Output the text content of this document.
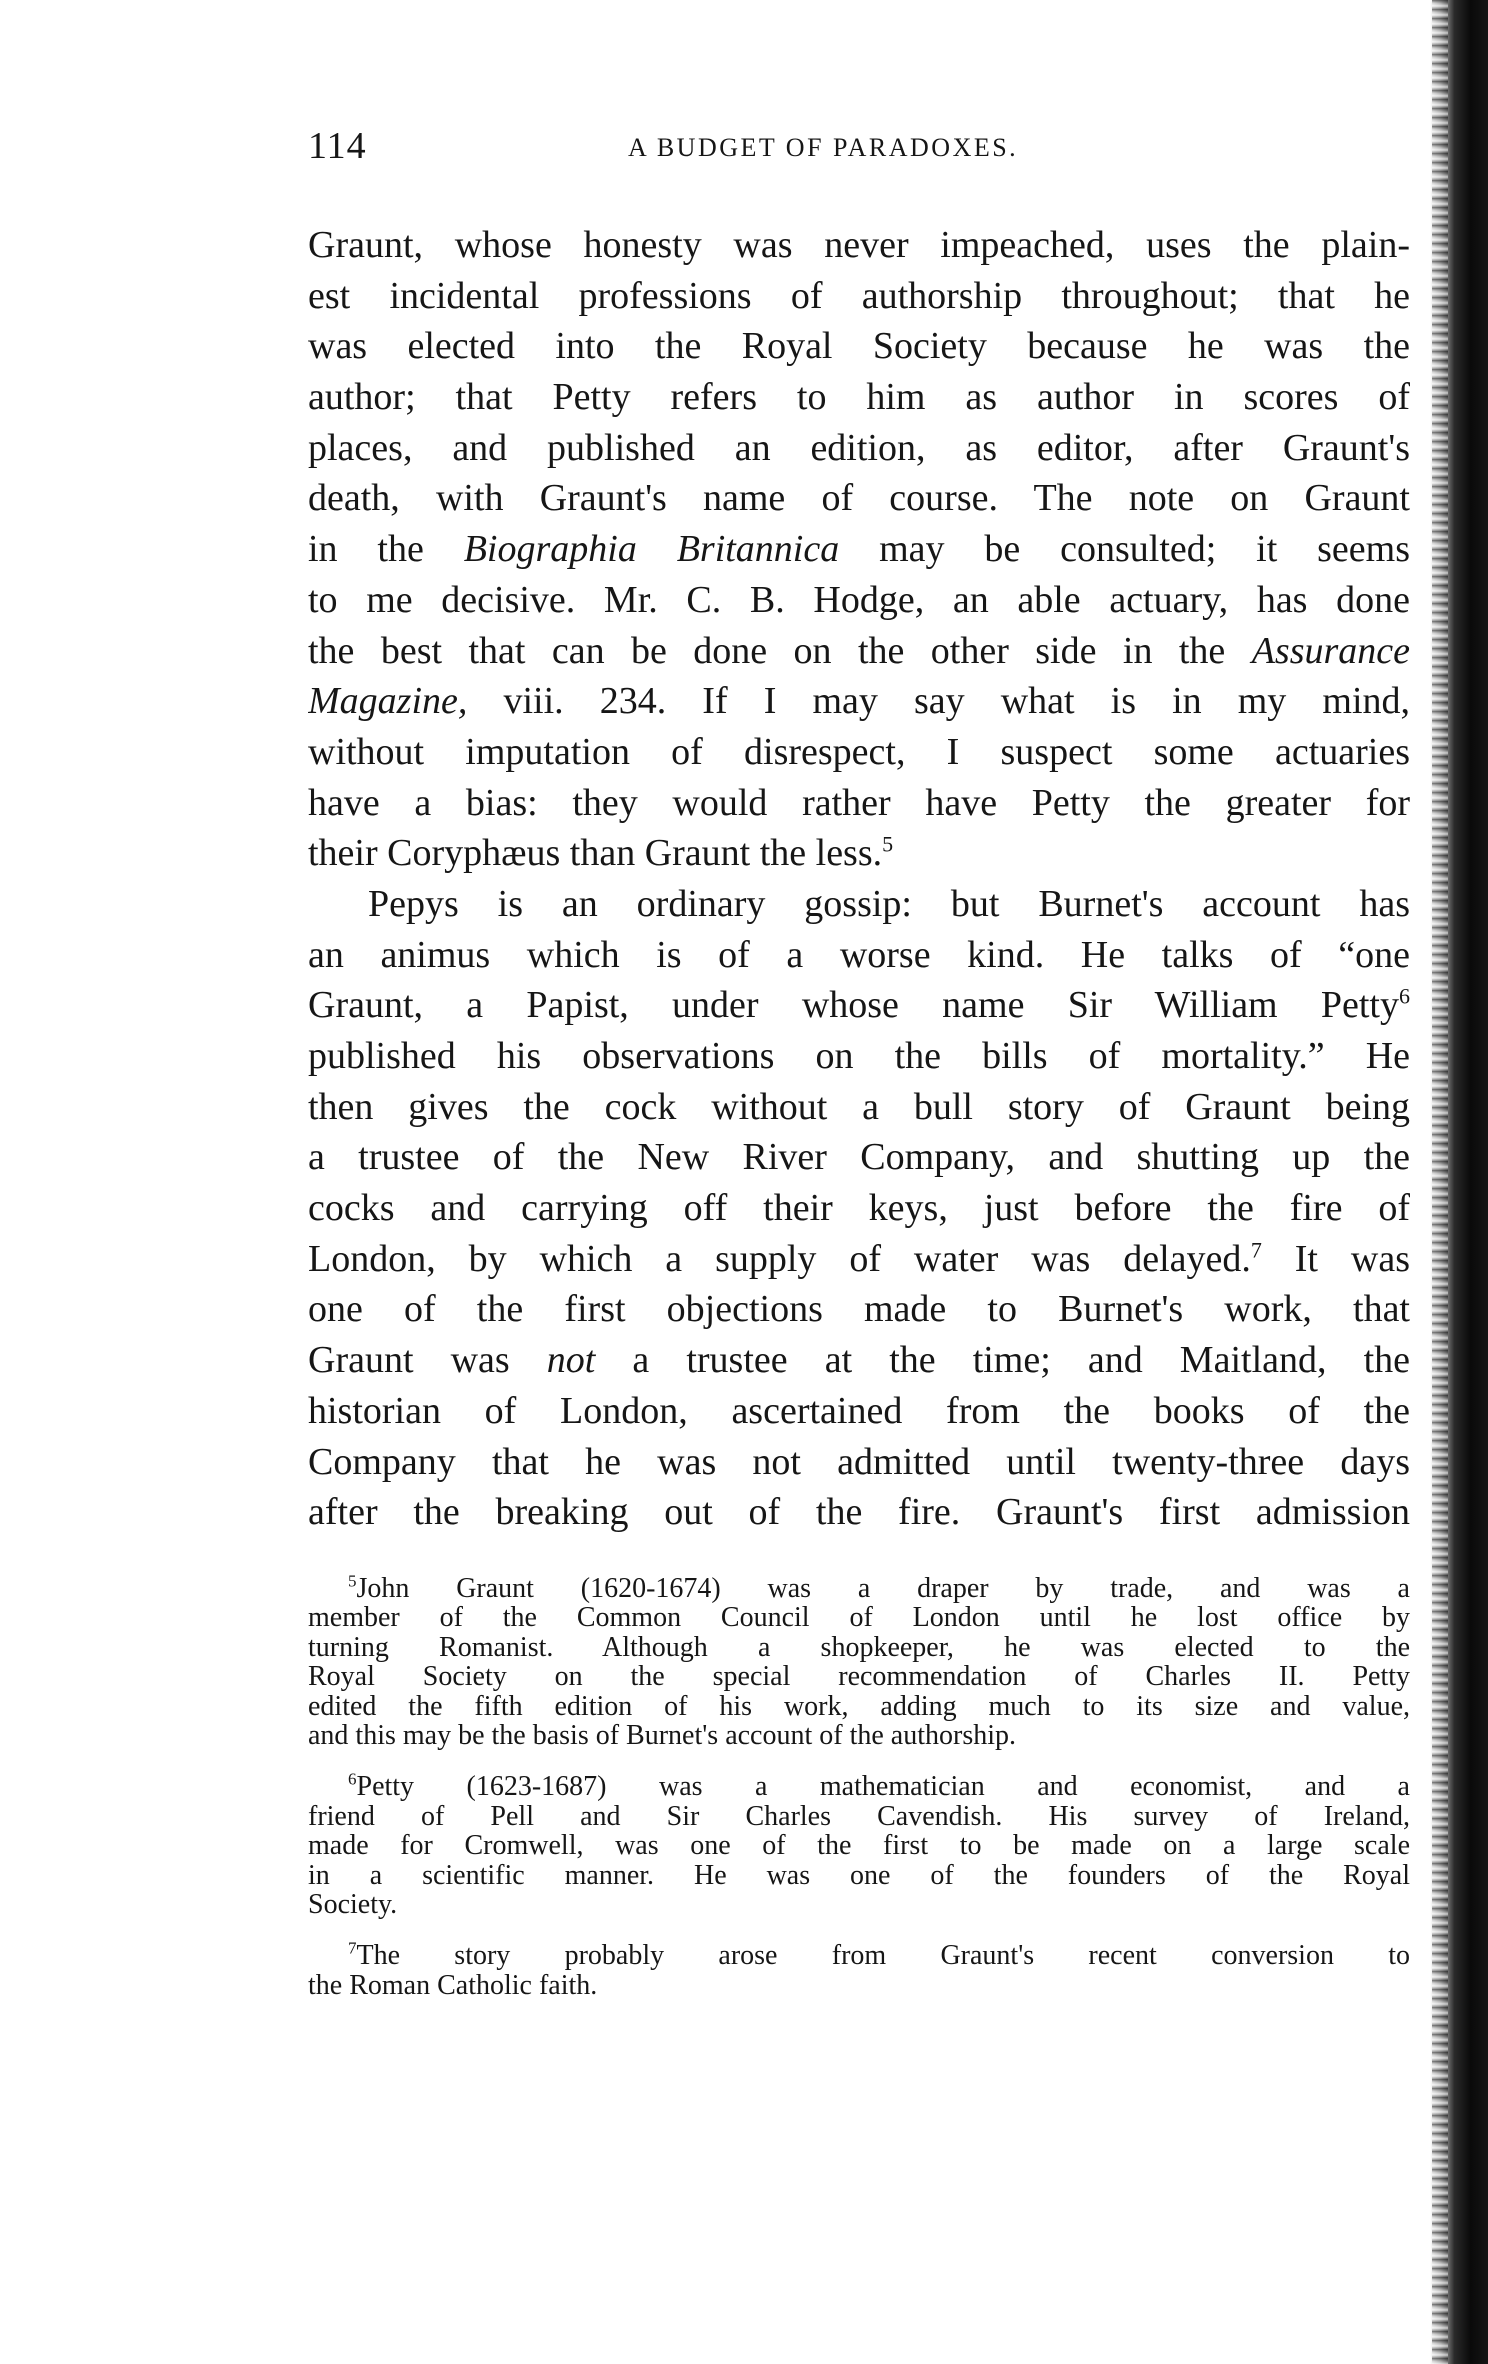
114	A BUDGET OF PARADOXES.
Graunt, whose honesty was never impeached, uses the plain-
est incidental professions of authorship throughout; that he
was elected into the Royal Society because he was the
author; that Petty refers to him as author in scores of
places, and published an edition, as editor, after Graunt's
death, with Graunt's name of course. The note on Graunt
in the Biographia Britannica may be consulted; it seems
to me decisive. Mr. C. B. Hodge, an able actuary, has done
the best that can be done on the other side in the Assurance
Magazine, viii. 234. If I may say what is in my mind,
without imputation of disrespect, I suspect some actuaries
have a bias: they would rather have Petty the greater for
their Coryphæus than Graunt the less.$^5$
Pepys is an ordinary gossip: but Burnet's account has
an animus which is of a worse kind. He talks of “one
Graunt, a Papist, under whose name Sir William Petty$^6$
published his observations on the bills of mortality.” He
then gives the cock without a bull story of Graunt being
a trustee of the New River Company, and shutting up the
cocks and carrying off their keys, just before the fire of
London, by which a supply of water was delayed.$^7$ It was
one of the first objections made to Burnet's work, that
Graunt was not a trustee at the time; and Maitland, the
historian of London, ascertained from the books of the
Company that he was not admitted until twenty-three days
after the breaking out of the fire. Graunt's first admission
$^5$John Graunt (1620-1674) was a draper by trade, and was a
member of the Common Council of London until he lost office by
turning Romanist. Although a shopkeeper, he was elected to the
Royal Society on the special recommendation of Charles II. Petty
edited the fifth edition of his work, adding much to its size and value,
and this may be the basis of Burnet's account of the authorship.
$^6$Petty (1623-1687) was a mathematician and economist, and a
friend of Pell and Sir Charles Cavendish. His survey of Ireland,
made for Cromwell, was one of the first to be made on a large scale
in a scientific manner. He was one of the founders of the Royal
Society.
$^7$The story probably arose from Graunt's recent conversion to
the Roman Catholic faith.
